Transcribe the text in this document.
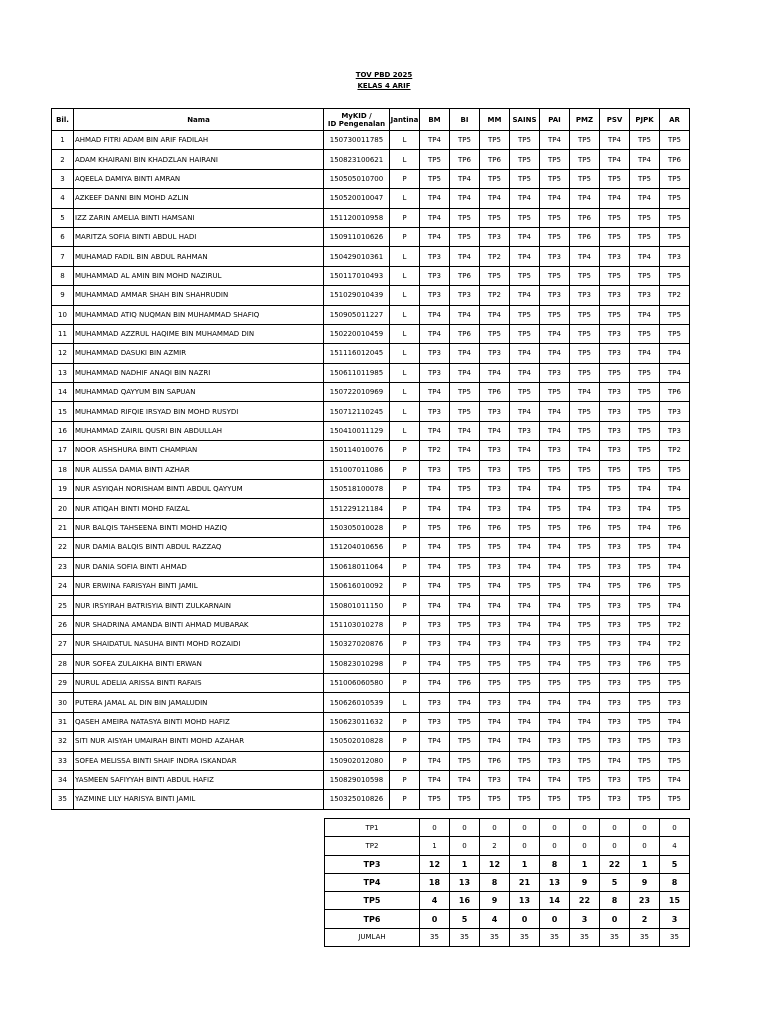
TOV PBD 2025
KELAS 4 ARIF
Bil.	Nama	MyKID /
ID Pengenalan	Jantina	BM	BI	MM	SAINS	PAI	PMZ	PSV	PJPK	AR
1	AHMAD FITRI ADAM BIN ARIF FADILAH	150730011785	L	TP4	TP5	TP5	TP5	TP4	TP5	TP4	TP5	TP5
2	ADAM KHAIRANI BIN KHADZLAN HAIRANI	150823100621	L	TP5	TP6	TP6	TP5	TP5	TP5	TP4	TP4	TP6
3	AQEELA DAMIYA BINTI AMRAN	150505010700	P	TP5	TP4	TP5	TP5	TP5	TP5	TP5	TP5	TP5
4	AZKEEF DANNI BIN MOHD AZLIN	150520010047	L	TP4	TP4	TP4	TP4	TP4	TP4	TP4	TP4	TP5
5	IZZ ZARIN AMELIA BINTI HAMSANI	151120010958	P	TP4	TP5	TP5	TP5	TP5	TP6	TP5	TP5	TP5
6	MARITZA SOFIA BINTI ABDUL HADI	150911010626	P	TP4	TP5	TP3	TP4	TP5	TP6	TP5	TP5	TP5
7	MUHAMAD FADIL BIN ABDUL RAHMAN	150429010361	L	TP3	TP4	TP2	TP4	TP3	TP4	TP3	TP4	TP3
8	MUHAMMAD AL AMIN BIN MOHD NAZIRUL	150117010493	L	TP3	TP6	TP5	TP5	TP5	TP5	TP5	TP5	TP5
9	MUHAMMAD AMMAR SHAH BIN SHAHRUDIN	151029010439	L	TP3	TP3	TP2	TP4	TP3	TP3	TP3	TP3	TP2
10	MUHAMMAD ATIQ NUQMAN BIN MUHAMMAD SHAFIQ	150905011227	L	TP4	TP4	TP4	TP5	TP5	TP5	TP5	TP4	TP5
11	MUHAMMAD AZZRUL HAQIME BIN MUHAMMAD DIN	150220010459	L	TP4	TP6	TP5	TP5	TP4	TP5	TP3	TP5	TP5
12	MUHAMMAD DASUKI BIN AZMIR	151116012045	L	TP3	TP4	TP3	TP4	TP4	TP5	TP3	TP4	TP4
13	MUHAMMAD NADHIF ANAQI BIN NAZRI	150611011985	L	TP3	TP4	TP4	TP4	TP3	TP5	TP5	TP5	TP4
14	MUHAMMAD QAYYUM BIN SAPUAN	150722010969	L	TP4	TP5	TP6	TP5	TP5	TP4	TP3	TP5	TP6
15	MUHAMMAD RIFQIE IRSYAD BIN MOHD RUSYDI	150712110245	L	TP3	TP5	TP3	TP4	TP4	TP5	TP3	TP5	TP3
16	MUHAMMAD ZAIRIL QUSRI BIN ABDULLAH	150410011129	L	TP4	TP4	TP4	TP3	TP4	TP5	TP3	TP5	TP3
17	NOOR ASHSHURA BINTI CHAMPIAN	150114010076	P	TP2	TP4	TP3	TP4	TP3	TP4	TP3	TP5	TP2
18	NUR ALISSA DAMIA BINTI AZHAR	151007011086	P	TP3	TP5	TP3	TP5	TP5	TP5	TP5	TP5	TP5
19	NUR ASYIQAH NORISHAM BINTI ABDUL QAYYUM	150518100078	P	TP4	TP5	TP3	TP4	TP4	TP5	TP5	TP4	TP4
20	NUR ATIQAH BINTI MOHD FAIZAL	151229121184	P	TP4	TP4	TP3	TP4	TP5	TP4	TP3	TP4	TP5
21	NUR BALQIS TAHSEENA BINTI MOHD HAZIQ	150305010028	P	TP5	TP6	TP6	TP5	TP5	TP6	TP5	TP4	TP6
22	NUR DAMIA BALQIS BINTI ABDUL RAZZAQ	151204010656	P	TP4	TP5	TP5	TP4	TP4	TP5	TP3	TP5	TP4
23	NUR DANIA SOFIA BINTI AHMAD	150618011064	P	TP4	TP5	TP3	TP4	TP4	TP5	TP3	TP5	TP4
24	NUR ERWINA FARISYAH BINTI JAMIL	150616010092	P	TP4	TP5	TP4	TP5	TP5	TP4	TP5	TP6	TP5
25	NUR IRSYIRAH BATRISYIA BINTI ZULKARNAIN	150801011150	P	TP4	TP4	TP4	TP4	TP4	TP5	TP3	TP5	TP4
26	NUR SHADRINA AMANDA BINTI AHMAD MUBARAK	151103010278	P	TP3	TP5	TP3	TP4	TP4	TP5	TP3	TP5	TP2
27	NUR SHAIDATUL NASUHA BINTI MOHD ROZAIDI	150327020876	P	TP3	TP4	TP3	TP4	TP3	TP5	TP3	TP4	TP2
28	NUR SOFEA ZULAIKHA BINTI ERWAN	150823010298	P	TP4	TP5	TP5	TP5	TP4	TP5	TP3	TP6	TP5
29	NURUL ADELIA ARISSA BINTI RAFAIS	151006060580	P	TP4	TP6	TP5	TP5	TP5	TP5	TP3	TP5	TP5
30	PUTERA JAMAL AL DIN BIN JAMALUDIN	150626010539	L	TP3	TP4	TP3	TP4	TP4	TP4	TP3	TP5	TP3
31	QASEH AMEIRA NATASYA BINTI MOHD HAFIZ	150623011632	P	TP3	TP5	TP4	TP4	TP4	TP4	TP3	TP5	TP4
32	SITI NUR AISYAH UMAIRAH BINTI MOHD AZAHAR	150502010828	P	TP4	TP5	TP4	TP4	TP3	TP5	TP3	TP5	TP3
33	SOFEA MELISSA BINTI SHAIF INDRA ISKANDAR	150902012080	P	TP4	TP5	TP6	TP5	TP3	TP5	TP4	TP5	TP5
34	YASMEEN SAFIYYAH BINTI ABDUL HAFIZ	150829010598	P	TP4	TP4	TP3	TP4	TP4	TP5	TP3	TP5	TP4
35	YAZMINE LILY HARISYA BINTI JAMIL	150325010826	P	TP5	TP5	TP5	TP5	TP5	TP5	TP3	TP5	TP5
TP1	0	0	0	0	0	0	0	0	0
TP2	1	0	2	0	0	0	0	0	4
TP3	12	1	12	1	8	1	22	1	5
TP4	18	13	8	21	13	9	5	9	8
TP5	4	16	9	13	14	22	8	23	15
TP6	0	5	4	0	0	3	0	2	3
JUMLAH	35	35	35	35	35	35	35	35	35
